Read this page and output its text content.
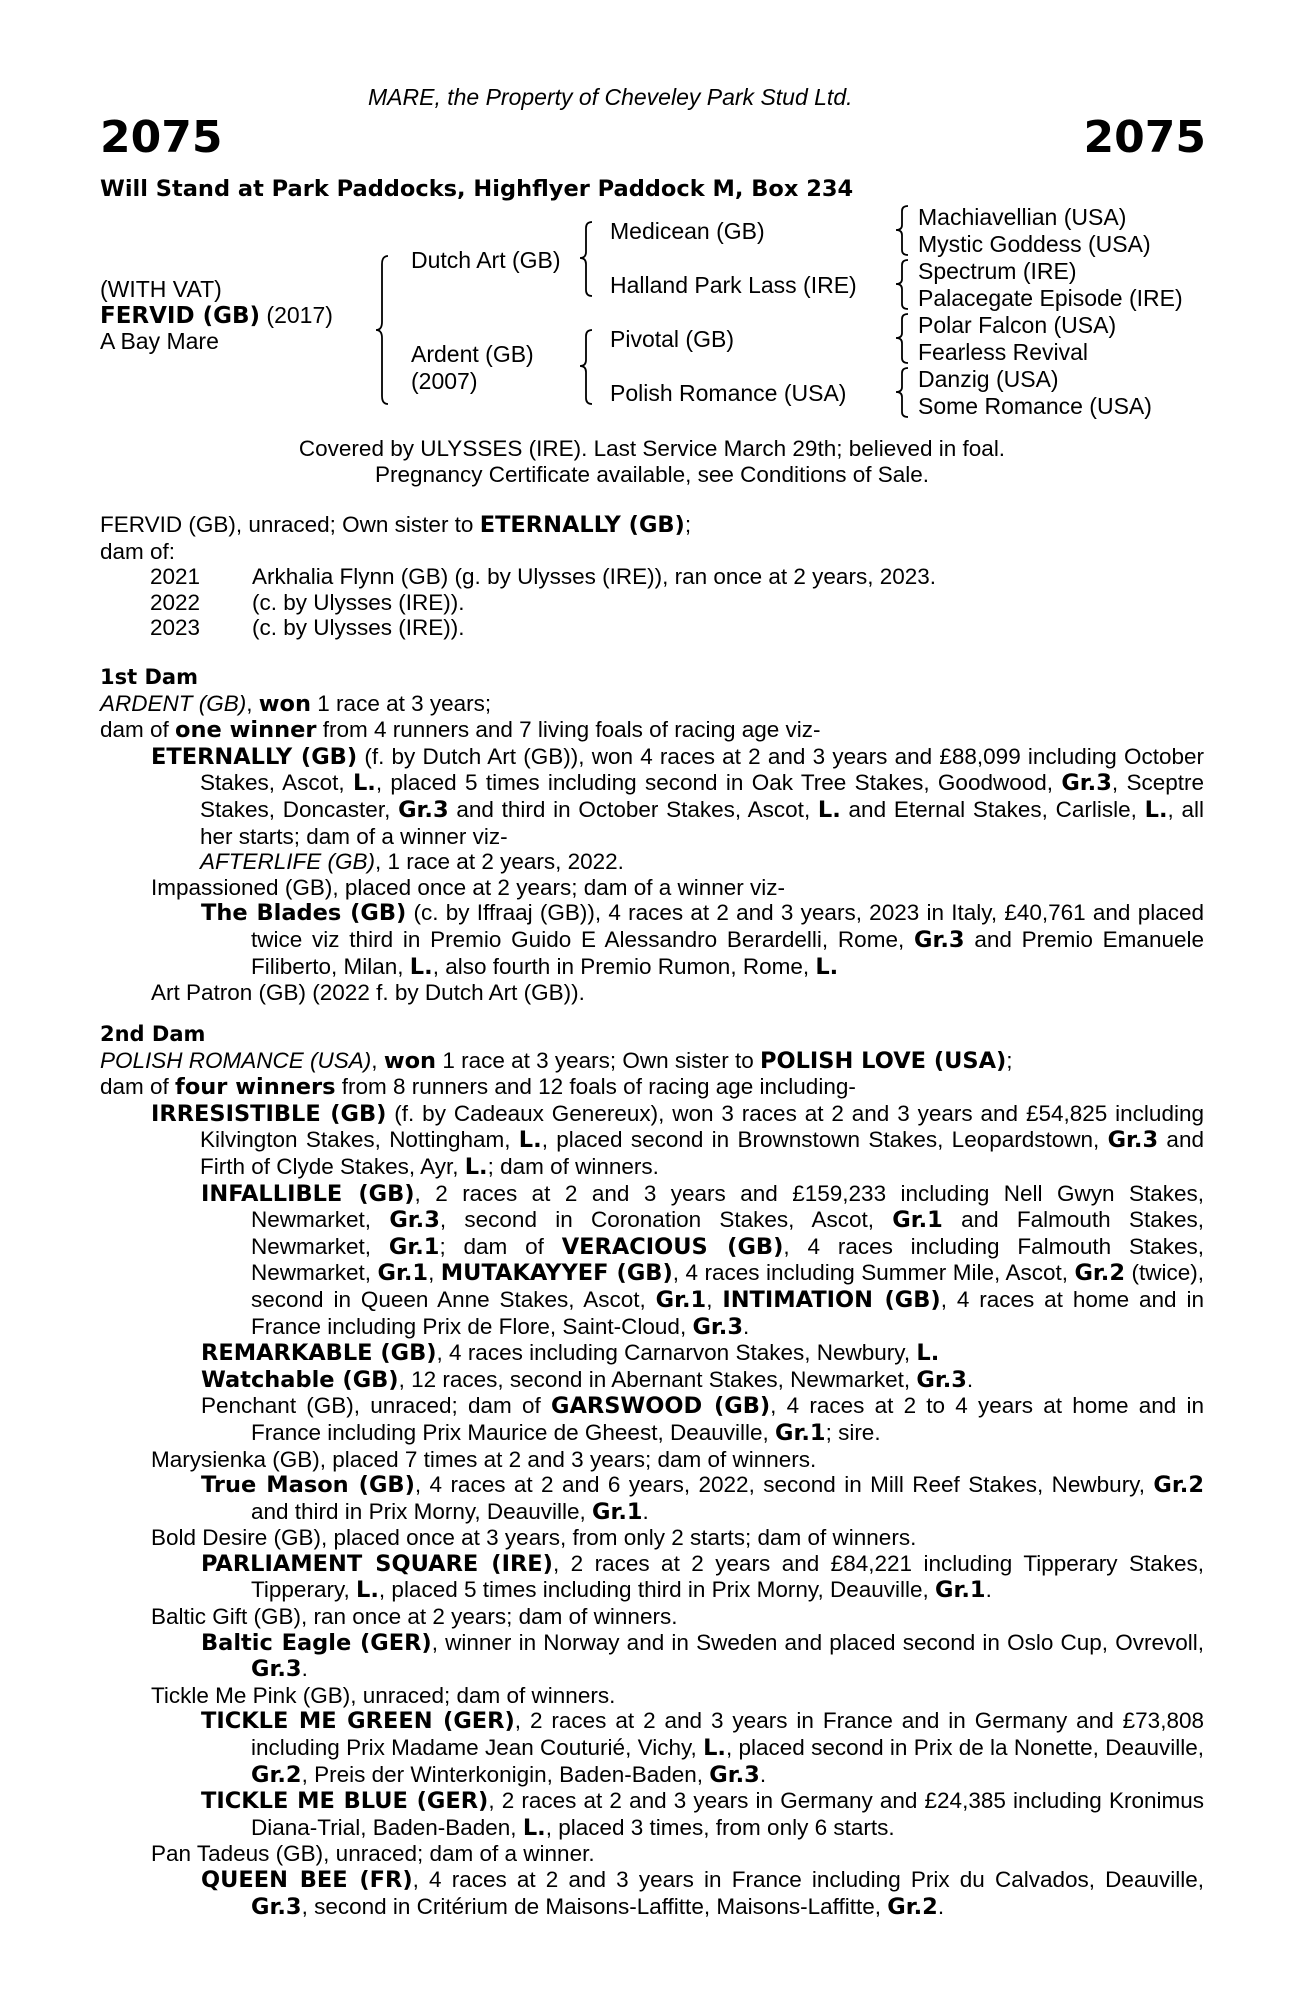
MARE, the Property of Cheveley Park Stud Ltd.
2075	2075
Will Stand at Park Paddocks, Highflyer Paddock M, Box 234
(WITH VAT)
FERVID (GB) (2017)
A Bay Mare
Dutch Art (GB)
Ardent (GB)
(2007)
Medicean (GB)
Halland Park Lass (IRE)
Pivotal (GB)
Polish Romance (USA)
Machiavellian (USA)
Mystic Goddess (USA)
Spectrum (IRE)
Palacegate Episode (IRE)
Polar Falcon (USA)
Fearless Revival
Danzig (USA)
Some Romance (USA)
Covered by ULYSSES (IRE). Last Service March 29th; believed in foal.
Pregnancy Certificate available, see Conditions of Sale.
FERVID (GB), unraced; Own sister to ETERNALLY (GB);
dam of:
2021	Arkhalia Flynn (GB) (g. by Ulysses (IRE)), ran once at 2 years, 2023.
2022	(c. by Ulysses (IRE)).
2023	(c. by Ulysses (IRE)).
1st Dam
ARDENT (GB), won 1 race at 3 years;
dam of one winner from 4 runners and 7 living foals of racing age viz-
ETERNALLY (GB) (f. by Dutch Art (GB)), won 4 races at 2 and 3 years and £88,099 including October Stakes, Ascot, L., placed 5 times including second in Oak Tree Stakes, Goodwood, Gr.3, Sceptre Stakes, Doncaster, Gr.3 and third in October Stakes, Ascot, L. and Eternal Stakes, Carlisle, L., all her starts; dam of a winner viz-
AFTERLIFE (GB), 1 race at 2 years, 2022.
Impassioned (GB), placed once at 2 years; dam of a winner viz-
The Blades (GB) (c. by Iffraaj (GB)), 4 races at 2 and 3 years, 2023 in Italy, £40,761 and placed twice viz third in Premio Guido E Alessandro Berardelli, Rome, Gr.3 and Premio Emanuele Filiberto, Milan, L., also fourth in Premio Rumon, Rome, L.
Art Patron (GB) (2022 f. by Dutch Art (GB)).
2nd Dam
POLISH ROMANCE (USA), won 1 race at 3 years; Own sister to POLISH LOVE (USA);
dam of four winners from 8 runners and 12 foals of racing age including-
IRRESISTIBLE (GB) (f. by Cadeaux Genereux), won 3 races at 2 and 3 years and £54,825 including Kilvington Stakes, Nottingham, L., placed second in Brownstown Stakes, Leopardstown, Gr.3 and Firth of Clyde Stakes, Ayr, L.; dam of winners.
INFALLIBLE (GB), 2 races at 2 and 3 years and £159,233 including Nell Gwyn Stakes, Newmarket, Gr.3, second in Coronation Stakes, Ascot, Gr.1 and Falmouth Stakes, Newmarket, Gr.1; dam of VERACIOUS (GB), 4 races including Falmouth Stakes, Newmarket, Gr.1, MUTAKAYYEF (GB), 4 races including Summer Mile, Ascot, Gr.2 (twice), second in Queen Anne Stakes, Ascot, Gr.1, INTIMATION (GB), 4 races at home and in France including Prix de Flore, Saint-Cloud, Gr.3.
REMARKABLE (GB), 4 races including Carnarvon Stakes, Newbury, L.
Watchable (GB), 12 races, second in Abernant Stakes, Newmarket, Gr.3.
Penchant (GB), unraced; dam of GARSWOOD (GB), 4 races at 2 to 4 years at home and in France including Prix Maurice de Gheest, Deauville, Gr.1; sire.
Marysienka (GB), placed 7 times at 2 and 3 years; dam of winners.
True Mason (GB), 4 races at 2 and 6 years, 2022, second in Mill Reef Stakes, Newbury, Gr.2 and third in Prix Morny, Deauville, Gr.1.
Bold Desire (GB), placed once at 3 years, from only 2 starts; dam of winners.
PARLIAMENT SQUARE (IRE), 2 races at 2 years and £84,221 including Tipperary Stakes, Tipperary, L., placed 5 times including third in Prix Morny, Deauville, Gr.1.
Baltic Gift (GB), ran once at 2 years; dam of winners.
Baltic Eagle (GER), winner in Norway and in Sweden and placed second in Oslo Cup, Ovrevoll, Gr.3.
Tickle Me Pink (GB), unraced; dam of winners.
TICKLE ME GREEN (GER), 2 races at 2 and 3 years in France and in Germany and £73,808 including Prix Madame Jean Couturié, Vichy, L., placed second in Prix de la Nonette, Deauville, Gr.2, Preis der Winterkonigin, Baden-Baden, Gr.3.
TICKLE ME BLUE (GER), 2 races at 2 and 3 years in Germany and £24,385 including Kronimus Diana-Trial, Baden-Baden, L., placed 3 times, from only 6 starts.
Pan Tadeus (GB), unraced; dam of a winner.
QUEEN BEE (FR), 4 races at 2 and 3 years in France including Prix du Calvados, Deauville, Gr.3, second in Critérium de Maisons-Laffitte, Maisons-Laffitte, Gr.2.
